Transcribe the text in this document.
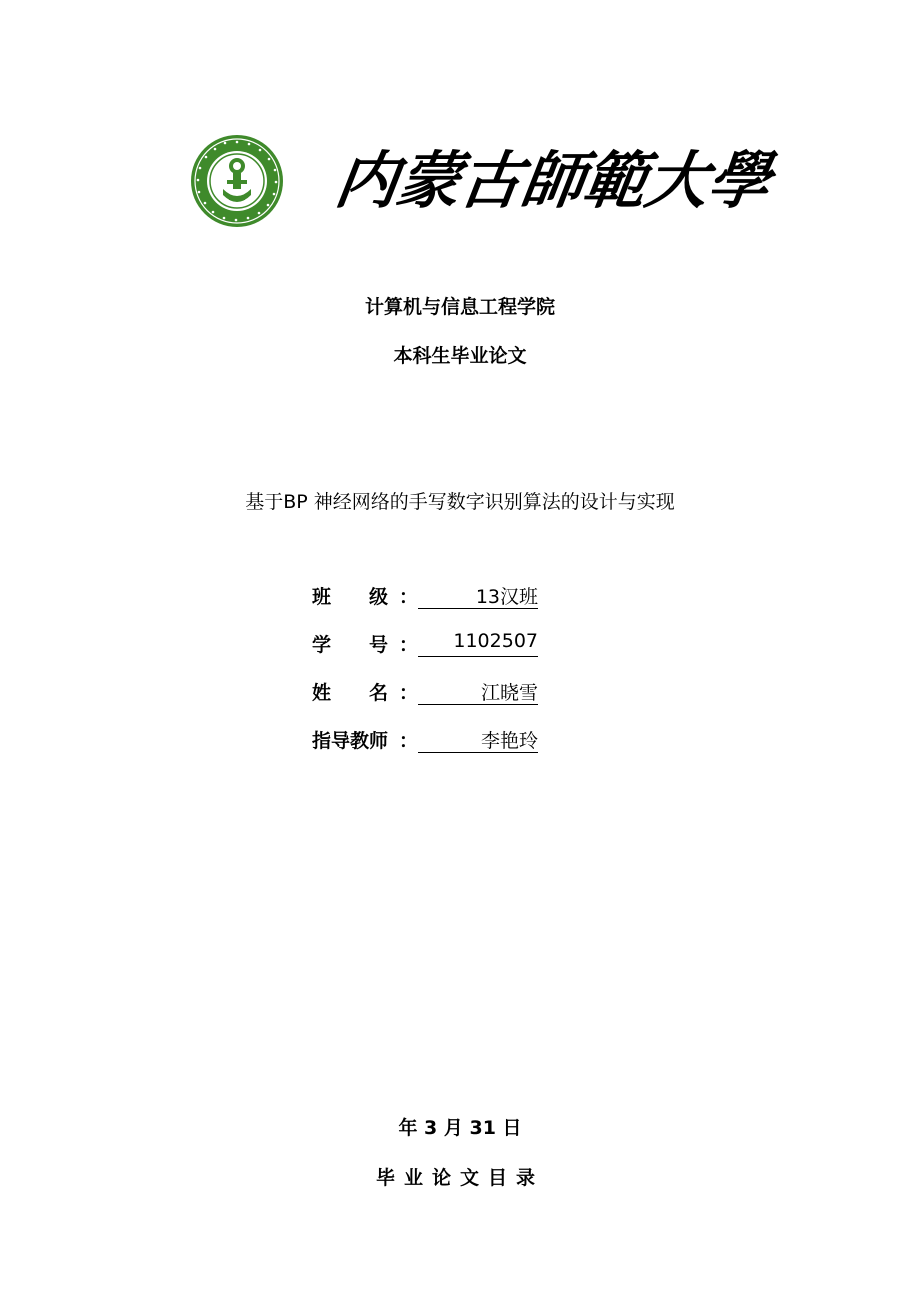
内蒙古師範大學
计算机与信息工程学院
本科生毕业论文
基于BP 神经网络的手写数字识别算法的设计与实现
班　　级 ：	13汉班
学　　号 ：	1102507
姓　　名 ：	江晓雪
指导教师 ：	李艳玲
年 3 月 31 日
毕业论文目录
